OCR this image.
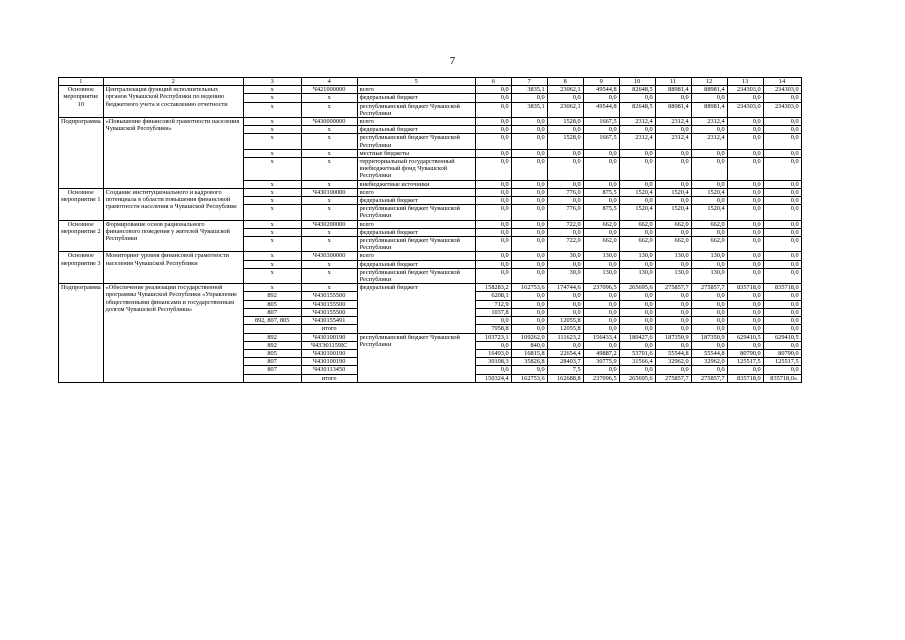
7
1	2	3	4	5	6	7	8	9	10	11	12	13	14
Основное мероприятие 10	Централизация функций исполнительных органов Чувашской Республики по ведению бюджетного учета и составлению отчетности	x	Ч421000000	всего	0,0	3835,1	23062,1	49544,8	82648,5	88981,4	88981,4	234303,0	234303,0
		x	x	федеральный бюджет	0,0	0,0	0,0	0,0	0,0	0,0	0,0	0,0	0,0
		x	x	республиканский бюджет Чувашской Республики	0,0	3835,1	23062,1	49544,8	82648,5	88981,4	88981,4	234303,0	234303,0
Подпрограмма	«Повышение финансовой грамотности населения Чувашской Республики»	x	Ч430000000	всего	0,0	0,0	1528,0	1667,5	2312,4	2312,4	2312,4	0,0	0,0
		x	x	федеральный бюджет	0,0	0,0	0,0	0,0	0,0	0,0	0,0	0,0	0,0
		x	x	республиканский бюджет Чувашской Республики	0,0	0,0	1528,0	1667,5	2312,4	2312,4	2312,4	0,0	0,0
		x	x	местные бюджеты	0,0	0,0	0,0	0,0	0,0	0,0	0,0	0,0	0,0
		x	x	территориальный государственный внебюджетный фонд Чувашской Республики	0,0	0,0	0,0	0,0	0,0	0,0	0,0	0,0	0,0
		x	x	внебюджетные источники	0,0	0,0	0,0	0,0	0,0	0,0	0,0	0,0	0,0
Основное мероприятие 1	Создание институционального и кадрового потенциала в области повышения финансовой грамотности населения в Чувашской Республике	x	Ч430100000	всего	0,0	0,0	776,0	875,5	1520,4	1520,4	1520,4	0,0	0,0
		x	x	федеральный бюджет	0,0	0,0	0,0	0,0	0,0	0,0	0,0	0,0	0,0
		x	x	республиканский бюджет Чувашской Республики	0,0	0,0	776,0	875,5	1520,4	1520,4	1520,4	0,0	0,0
Основное мероприятие 2	Формирование основ рационального финансового поведения у жителей Чувашской Республики	x	Ч430200000	всего	0,0	0,0	722,0	662,0	662,0	662,0	662,0	0,0	0,0
		x	x	федеральный бюджет	0,0	0,0	0,0	0,0	0,0	0,0	0,0	0,0	0,0
		x	x	республиканский бюджет Чувашской Республики	0,0	0,0	722,0	662,0	662,0	662,0	662,0	0,0	0,0
Основное мероприятие 3	Мониторинг уровня финансовой грамотности населения Чувашской Республики	x	Ч430300000	всего	0,0	0,0	30,0	130,0	130,0	130,0	130,0	0,0	0,0
		x	x	федеральный бюджет	0,0	0,0	0,0	0,0	0,0	0,0	0,0	0,0	0,0
		x	x	республиканский бюджет Чувашской Республики	0,0	0,0	30,0	130,0	130,0	130,0	130,0	0,0	0,0
Подпрограмма	«Обеспечение реализации государственной программы Чувашской Республики «Управление общественными финансами и государственным долгом Чувашской Республики»	x	x	федеральный бюджет	158283,2	162753,6	174744,6	237096,5	265695,6	275857,7	275857,7	835718,0	835718,0
		892	Ч430155500		6208,1	0,0	0,0	0,0	0,0	0,0	0,0	0,0	0,0
		805	Ч430155500		712,9	0,0	0,0	0,0	0,0	0,0	0,0	0,0	0,0
		807	Ч430155500		1037,8	0,0	0,0	0,0	0,0	0,0	0,0	0,0	0,0
		892, 807, 805	Ч430155491		0,0	0,0	12055,8	0,0	0,0	0,0	0,0	0,0	0,0
			итого		7958,8	0,0	12055,8	0,0	0,0	0,0	0,0	0,0	0,0
		892	Ч430100190	республиканский бюджет Чувашской Республики	103723,1	109262,0	111623,2	156433,4	180427,6	187350,9	187350,9	629410,5	629410,5
		892	Ч43Э01159IC		0,0	840,0	0,0	0,0	0,0	0,0	0,0	0,0	0,0
		805	Ч430100190		16493,0	16815,8	22654,4	49887,2	53701,6	55544,8	55544,8	80790,0	80790,0
		807	Ч430100190		30108,3	35826,8	28403,7	30775,9	31566,4	32962,0	32962,0	125517,5	125517,5
		807	Ч430113450		0,0	9,0	7,5	0,0	0,0	0,0	0,0	0,0	0,0
			итого		150324,4	162753,6	162688,8	237096,5	265695,6	275857,7	275857,7	835718,0	835718,0».
